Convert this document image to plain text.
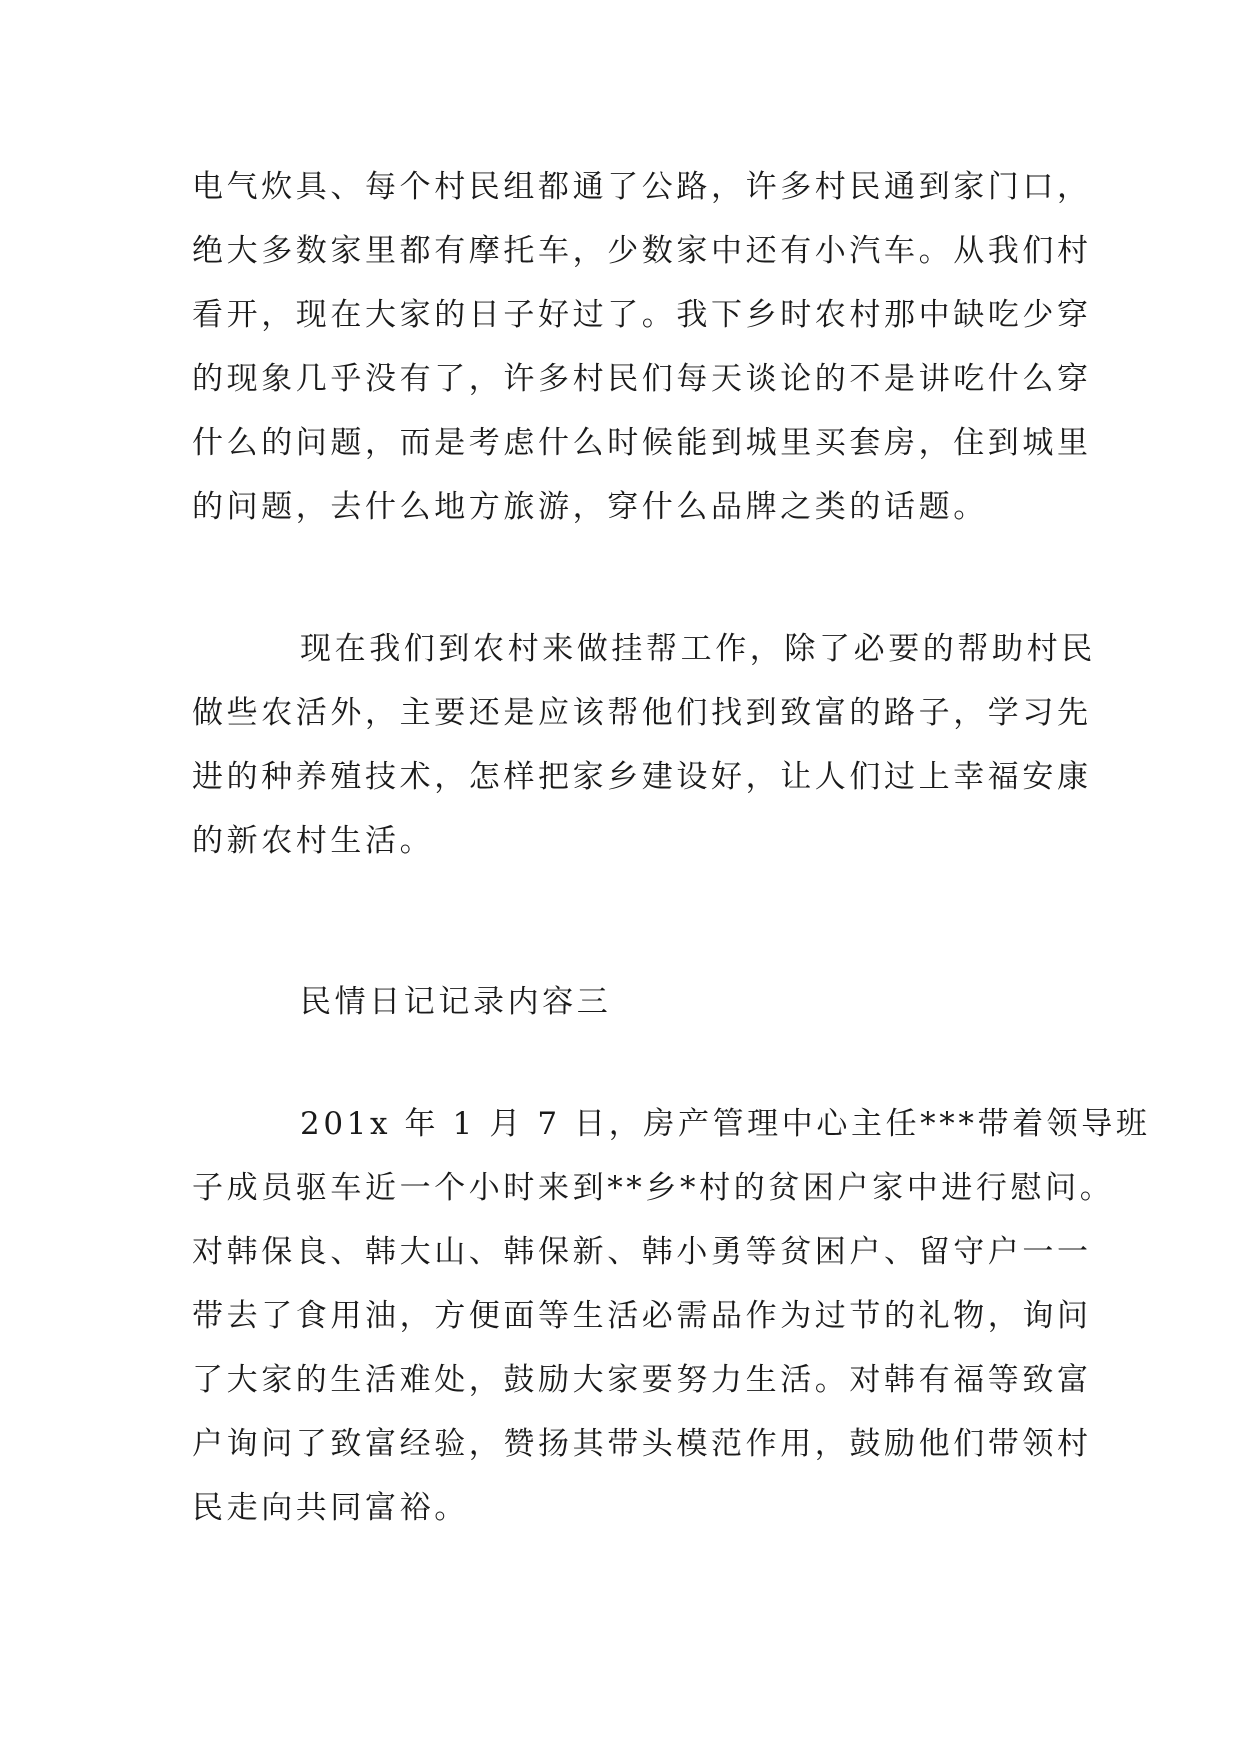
电气炊具、每个村民组都通了公路，许多村民通到家门口，
绝大多数家里都有摩托车，少数家中还有小汽车。从我们村
看开，现在大家的日子好过了。我下乡时农村那中缺吃少穿
的现象几乎没有了，许多村民们每天谈论的不是讲吃什么穿
什么的问题，而是考虑什么时候能到城里买套房，住到城里
的问题，去什么地方旅游，穿什么品牌之类的话题。
现在我们到农村来做挂帮工作，除了必要的帮助村民
做些农活外，主要还是应该帮他们找到致富的路子，学习先
进的种养殖技术，怎样把家乡建设好，让人们过上幸福安康
的新农村生活。
民情日记记录内容三
201x 年 1 月 7 日，房产管理中心主任***带着领导班
子成员驱车近一个小时来到**乡*村的贫困户家中进行慰问。
对韩保良、韩大山、韩保新、韩小勇等贫困户、留守户一一
带去了食用油，方便面等生活必需品作为过节的礼物，询问
了大家的生活难处，鼓励大家要努力生活。对韩有福等致富
户询问了致富经验，赞扬其带头模范作用，鼓励他们带领村
民走向共同富裕。
